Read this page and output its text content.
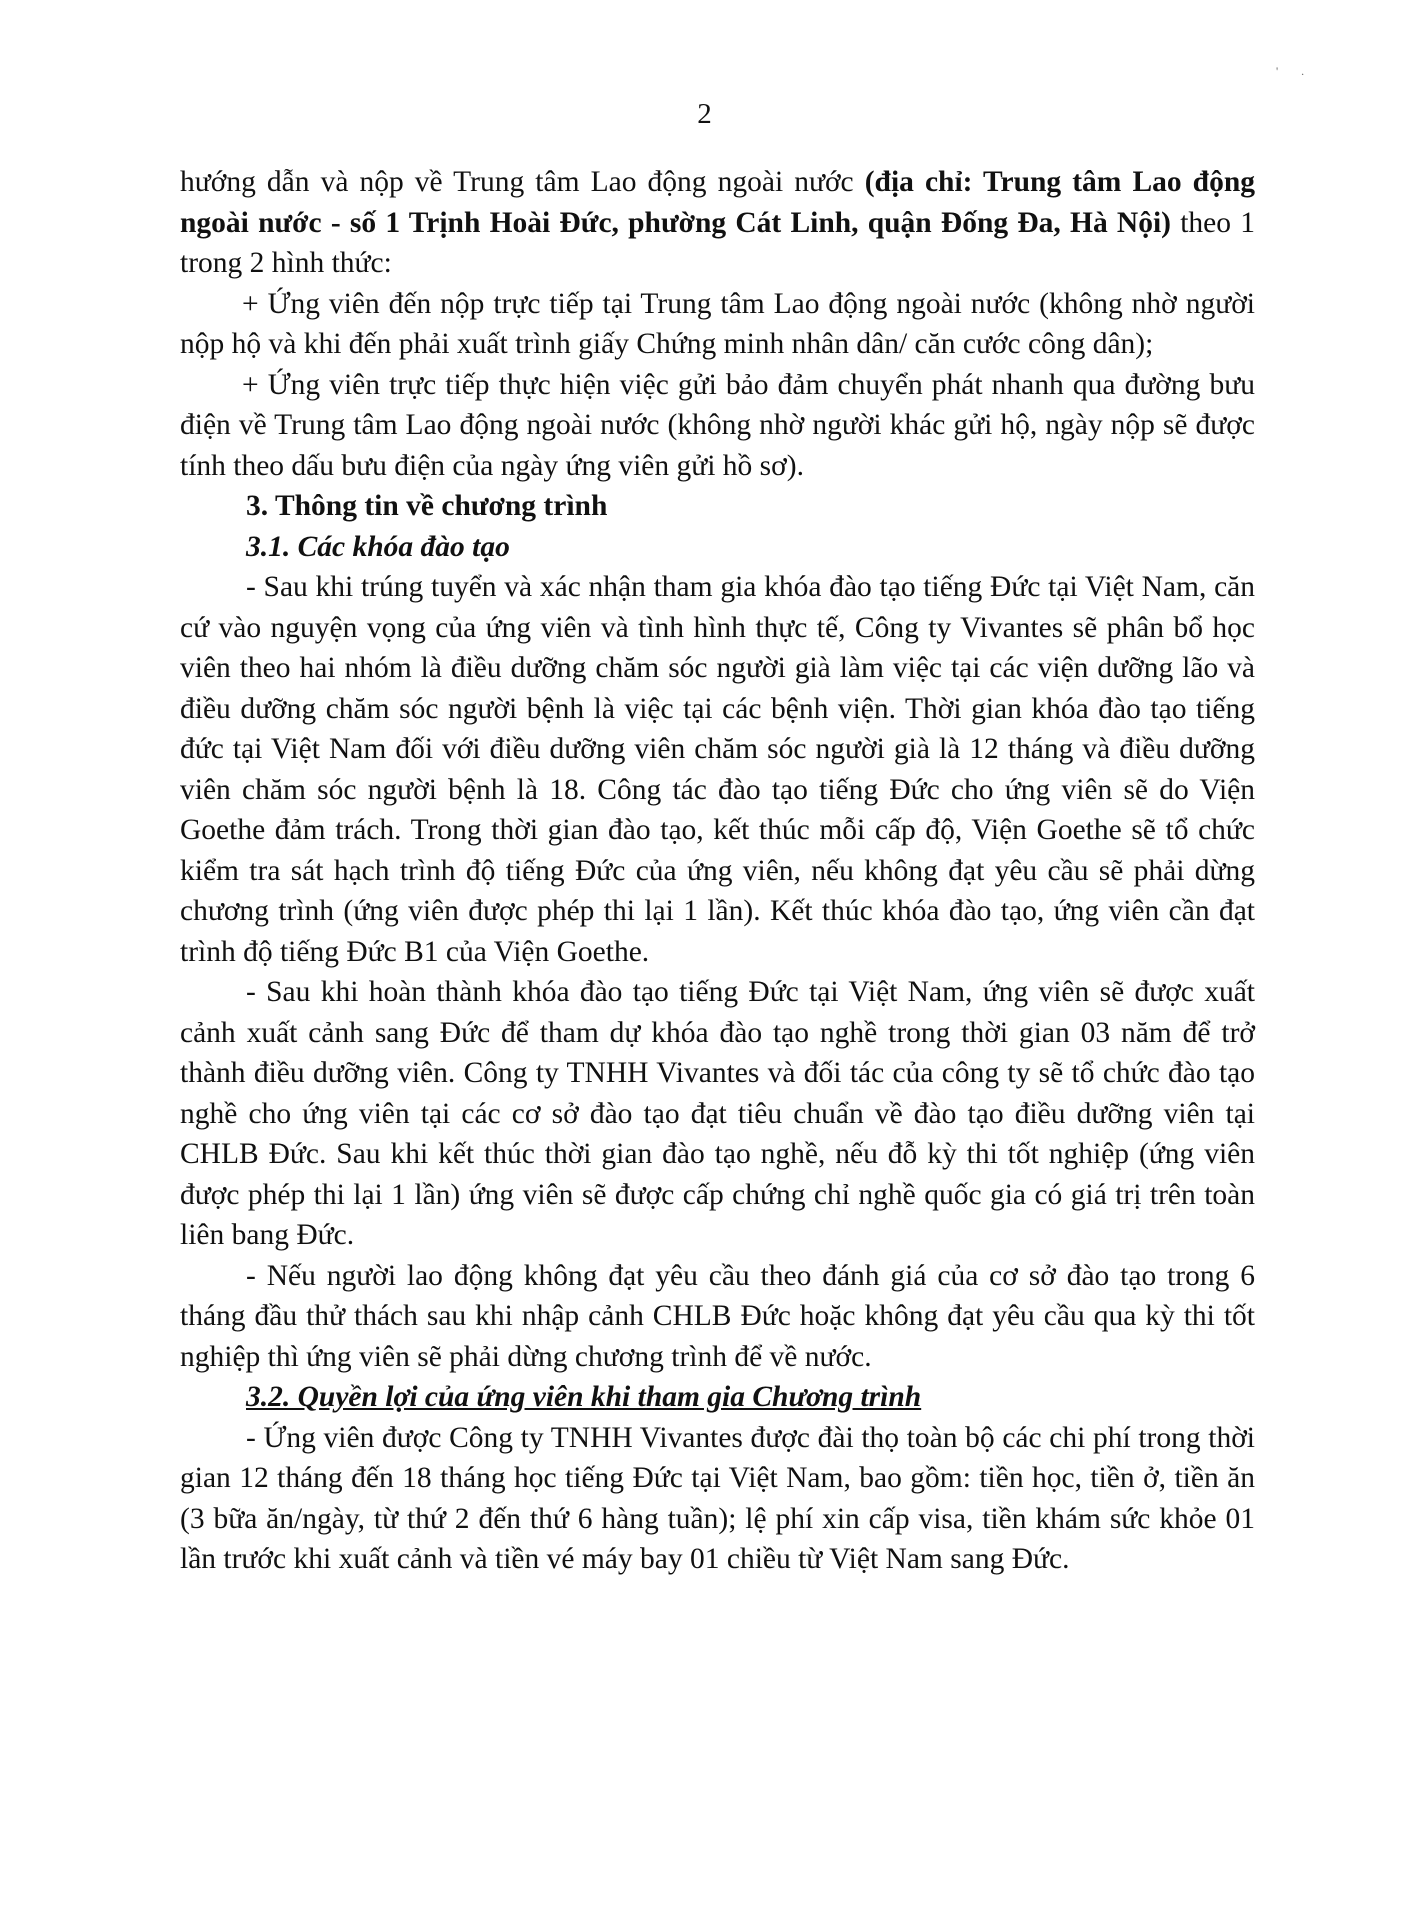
2
' .

hướng dẫn và nộp về Trung tâm Lao động ngoài nước (địa chỉ: Trung tâm Lao động ngoài nước - số 1 Trịnh Hoài Đức, phường Cát Linh, quận Đống Đa, Hà Nội) theo 1 trong 2 hình thức:

+ Ứng viên đến nộp trực tiếp tại Trung tâm Lao động ngoài nước (không nhờ người nộp hộ và khi đến phải xuất trình giấy Chứng minh nhân dân/ căn cước công dân);

+ Ứng viên trực tiếp thực hiện việc gửi bảo đảm chuyển phát nhanh qua đường bưu điện về Trung tâm Lao động ngoài nước (không nhờ người khác gửi hộ, ngày nộp sẽ được tính theo dấu bưu điện của ngày ứng viên gửi hồ sơ).

3. Thông tin về chương trình

3.1. Các khóa đào tạo

- Sau khi trúng tuyển và xác nhận tham gia khóa đào tạo tiếng Đức tại Việt Nam, căn cứ vào nguyện vọng của ứng viên và tình hình thực tế, Công ty Vivantes sẽ phân bổ học viên theo hai nhóm là điều dưỡng chăm sóc người già làm việc tại các viện dưỡng lão và điều dưỡng chăm sóc người bệnh là việc tại các bệnh viện. Thời gian khóa đào tạo tiếng đức tại Việt Nam đối với điều dưỡng viên chăm sóc người già là 12 tháng và điều dưỡng viên chăm sóc người bệnh là 18. Công tác đào tạo tiếng Đức cho ứng viên sẽ do Viện Goethe đảm trách. Trong thời gian đào tạo, kết thúc mỗi cấp độ, Viện Goethe sẽ tổ chức kiểm tra sát hạch trình độ tiếng Đức của ứng viên, nếu không đạt yêu cầu sẽ phải dừng chương trình (ứng viên được phép thi lại 1 lần). Kết thúc khóa đào tạo, ứng viên cần đạt trình độ tiếng Đức B1 của Viện Goethe.

- Sau khi hoàn thành khóa đào tạo tiếng Đức tại Việt Nam, ứng viên sẽ được xuất cảnh xuất cảnh sang Đức để tham dự khóa đào tạo nghề trong thời gian 03 năm để trở thành điều dưỡng viên. Công ty TNHH Vivantes và đối tác của công ty sẽ tổ chức đào tạo nghề cho ứng viên tại các cơ sở đào tạo đạt tiêu chuẩn về đào tạo điều dưỡng viên tại CHLB Đức. Sau khi kết thúc thời gian đào tạo nghề, nếu đỗ kỳ thi tốt nghiệp (ứng viên được phép thi lại 1 lần) ứng viên sẽ được cấp chứng chỉ nghề quốc gia có giá trị trên toàn liên bang Đức.

- Nếu người lao động không đạt yêu cầu theo đánh giá của cơ sở đào tạo trong 6 tháng đầu thử thách sau khi nhập cảnh CHLB Đức hoặc không đạt yêu cầu qua kỳ thi tốt nghiệp thì ứng viên sẽ phải dừng chương trình để về nước.

3.2. Quyền lợi của ứng viên khi tham gia Chương trình

- Ứng viên được Công ty TNHH Vivantes được đài thọ toàn bộ các chi phí trong thời gian 12 tháng đến 18 tháng học tiếng Đức tại Việt Nam, bao gồm: tiền học, tiền ở, tiền ăn (3 bữa ăn/ngày, từ thứ 2 đến thứ 6 hàng tuần); lệ phí xin cấp visa, tiền khám sức khỏe 01 lần trước khi xuất cảnh và tiền vé máy bay 01 chiều từ Việt Nam sang Đức.
